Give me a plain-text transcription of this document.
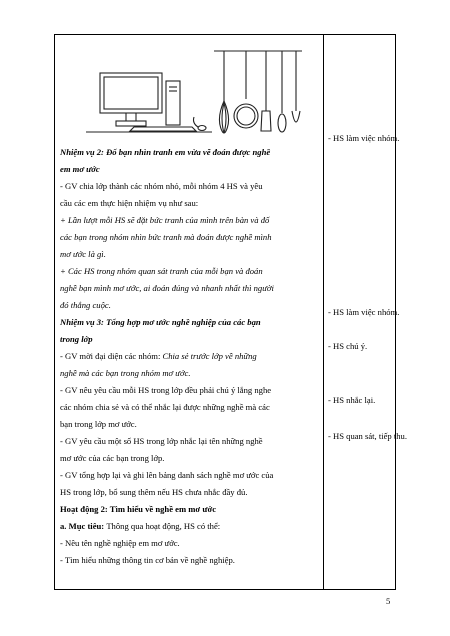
Nhiệm vụ 2: Đố bạn nhìn tranh em vừa vẽ đoán được nghề
em mơ ước
- GV chia lớp thành các nhóm nhỏ, mỗi nhóm 4 HS và yêu
cầu các em thực hiện nhiệm vụ như sau:
+ Lần lượt mỗi HS sẽ đặt bức tranh của mình trên bàn và đố
các bạn trong nhóm nhìn bức tranh mà đoán được nghề mình
mơ ước là gì.
+ Các HS trong nhóm quan sát tranh của mỗi bạn và đoán
nghề bạn mình mơ ước, ai đoán đúng và nhanh nhất thì người
đó thắng cuộc.
Nhiệm vụ 3: Tổng hợp mơ ước nghề nghiệp của các bạn
trong lớp
- GV mời đại diện các nhóm: Chia sẻ trước lớp về những
nghề mà các bạn trong nhóm mơ ước.
- GV nêu yêu cầu mỗi HS trong lớp đều phải chú ý lắng nghe
các nhóm chia sẻ và có thể nhắc lại được những nghề mà các
bạn trong lớp mơ ước.
- GV yêu cầu một số HS trong lớp nhắc lại tên những nghề
mơ ước của các bạn trong lớp.
- GV tổng hợp lại và ghi lên bảng danh sách nghề mơ ước của
HS trong lớp, bổ sung thêm nếu HS chưa nhắc đầy đủ.
Hoạt động 2: Tìm hiểu về nghề em mơ ước
a. Mục tiêu: Thông qua hoạt động, HS có thể:
- Nêu tên nghề nghiệp em mơ ước.
- Tìm hiểu những thông tin cơ bản về nghề nghiệp.
- HS làm việc nhóm.
- HS làm việc nhóm.
- HS chú ý.
- HS nhắc lại.
- HS quan sát, tiếp thu.
5
